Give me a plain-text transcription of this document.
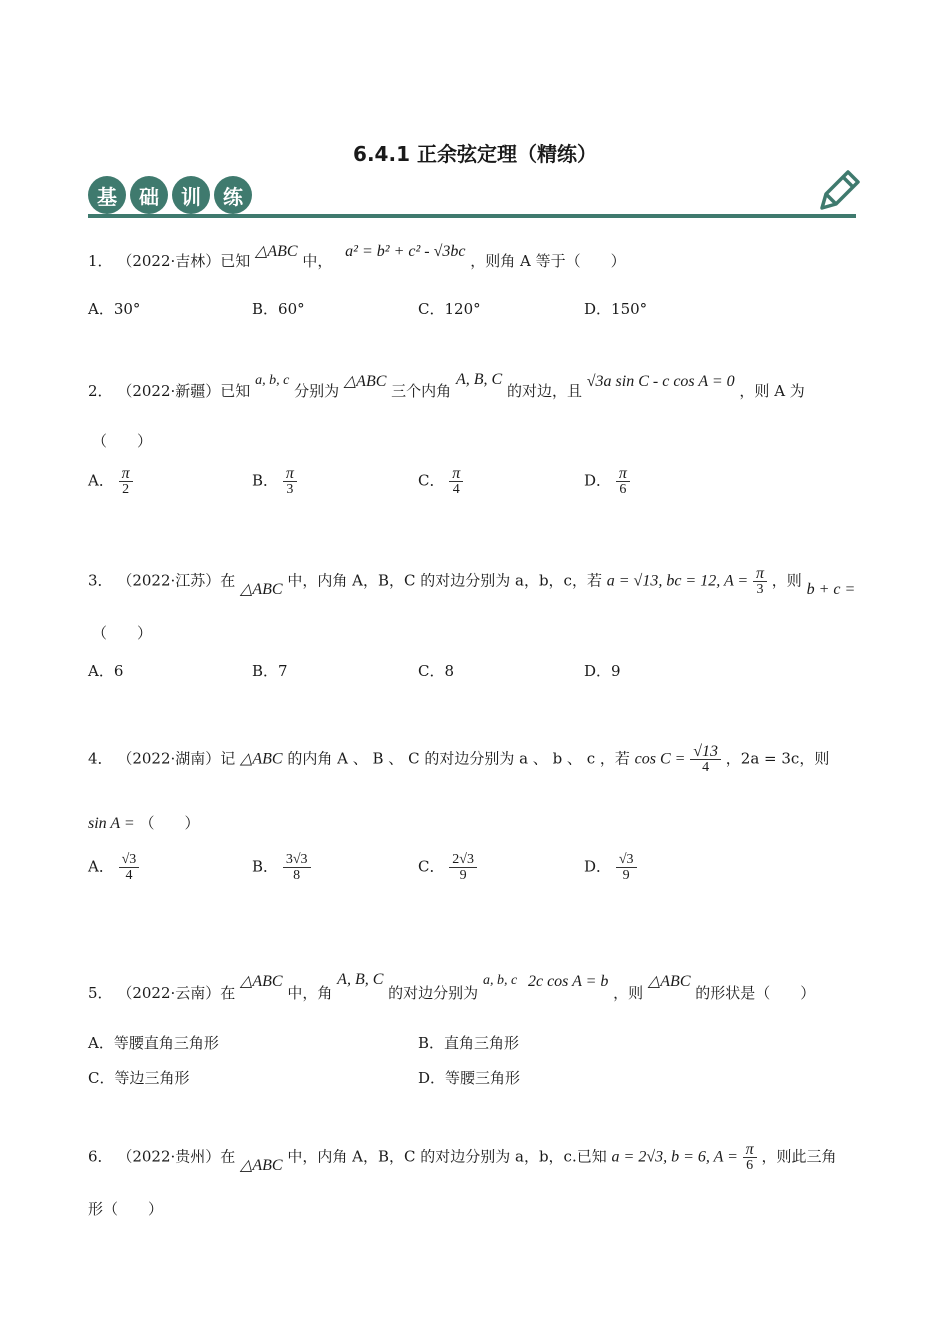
6.4.1 正余弦定理（精练）
基	础	训	练
1． （2022·吉林）已知 △ABC 中， a² = b² + c² - √3bc ，则角 A 等于（　　）
A．30°	B．60°	C．120°	D．150°
2． （2022·新疆）已知 a, b, c 分别为 △ABC 三个内角 A, B, C 的对边，且 √3a sin C - c cos A = 0 ，则 A 为
（　　）
A． $\frac{\pi}{2}$	B． $\frac{\pi}{3}$	C． $\frac{\pi}{4}$	D． $\frac{\pi}{6}$
3． （2022·江苏）在 △ABC 中，内角 A，B，C 的对边分别为 a，b，c，若 a = √13, bc = 12, $A = \frac{\pi}{3}$ ，则 b + c =
（　　）
A．6	B．7	C．8	D．9
4． （2022·湖南）记 △ABC 的内角 A 、 B 、 C 的对边分别为 a 、 b 、 c ，若 $\cos C = \frac{√13}{4}$ ，2a = 3c，则
sin A = （　　）
A． $\frac{√3}{4}$	B． $\frac{3√3}{8}$	C． $\frac{2√3}{9}$	D． $\frac{√3}{9}$
5． （2022·云南）在 △ABC 中，角 A, B, C 的对边分别为 a, b, c 2c cos A = b ，则 △ABC 的形状是（　　）
A．等腰直角三角形	B．直角三角形
C．等边三角形	D．等腰三角形
6． （2022·贵州）在 △ABC 中，内角 A，B，C 的对边分别为 a，b，c.已知 a = 2√3, b = 6, $A = \frac{\pi}{6}$ ，则此三角
形（　　）
